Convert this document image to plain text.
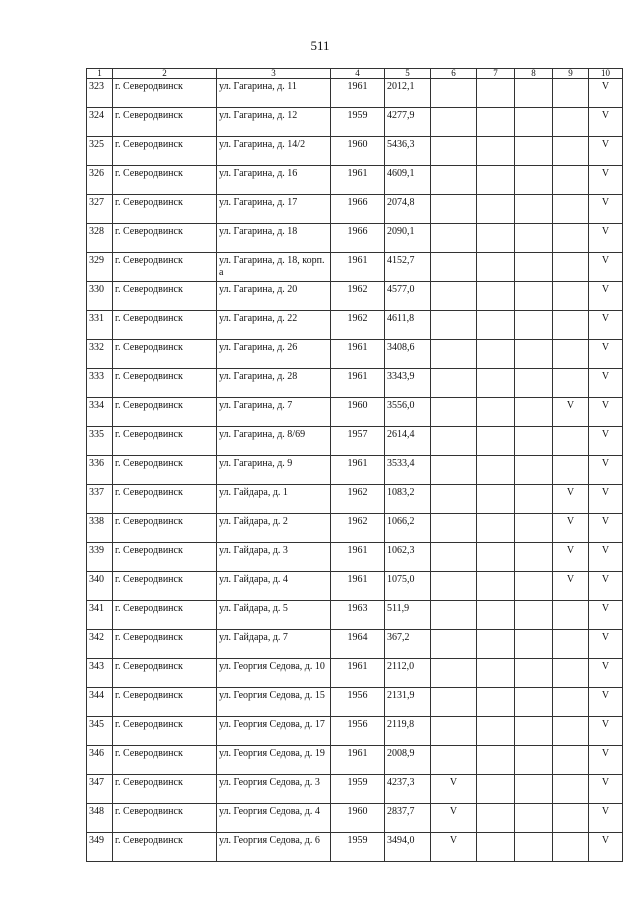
511
1	2	3	4	5	6	7	8	9	10
323	г. Северодвинск	ул. Гагарина, д. 11	1961	2012,1					V
324	г. Северодвинск	ул. Гагарина, д. 12	1959	4277,9					V
325	г. Северодвинск	ул. Гагарина, д. 14/2	1960	5436,3					V
326	г. Северодвинск	ул. Гагарина, д. 16	1961	4609,1					V
327	г. Северодвинск	ул. Гагарина, д. 17	1966	2074,8					V
328	г. Северодвинск	ул. Гагарина, д. 18	1966	2090,1					V
329	г. Северодвинск	ул. Гагарина, д. 18, корп. а	1961	4152,7					V
330	г. Северодвинск	ул. Гагарина, д. 20	1962	4577,0					V
331	г. Северодвинск	ул. Гагарина, д. 22	1962	4611,8					V
332	г. Северодвинск	ул. Гагарина, д. 26	1961	3408,6					V
333	г. Северодвинск	ул. Гагарина, д. 28	1961	3343,9					V
334	г. Северодвинск	ул. Гагарина, д. 7	1960	3556,0				V	V
335	г. Северодвинск	ул. Гагарина, д. 8/69	1957	2614,4					V
336	г. Северодвинск	ул. Гагарина, д. 9	1961	3533,4					V
337	г. Северодвинск	ул. Гайдара, д. 1	1962	1083,2				V	V
338	г. Северодвинск	ул. Гайдара, д. 2	1962	1066,2				V	V
339	г. Северодвинск	ул. Гайдара, д. 3	1961	1062,3				V	V
340	г. Северодвинск	ул. Гайдара, д. 4	1961	1075,0				V	V
341	г. Северодвинск	ул. Гайдара, д. 5	1963	511,9					V
342	г. Северодвинск	ул. Гайдара, д. 7	1964	367,2					V
343	г. Северодвинск	ул. Георгия Седова, д. 10	1961	2112,0					V
344	г. Северодвинск	ул. Георгия Седова, д. 15	1956	2131,9					V
345	г. Северодвинск	ул. Георгия Седова, д. 17	1956	2119,8					V
346	г. Северодвинск	ул. Георгия Седова, д. 19	1961	2008,9					V
347	г. Северодвинск	ул. Георгия Седова, д. 3	1959	4237,3	V				V
348	г. Северодвинск	ул. Георгия Седова, д. 4	1960	2837,7	V				V
349	г. Северодвинск	ул. Георгия Седова, д. 6	1959	3494,0	V				V
